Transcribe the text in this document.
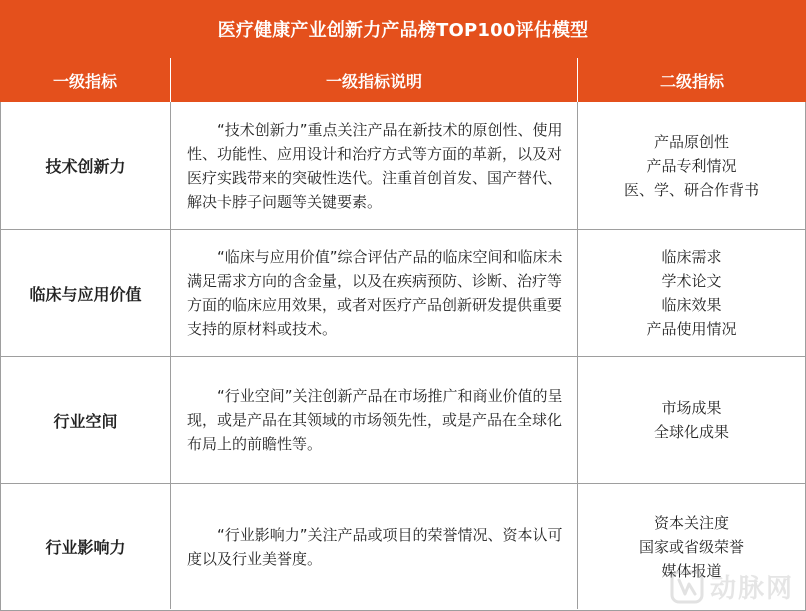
医疗健康产业创新力产品榜TOP100评估模型
一级指标	一级指标说明	二级指标
技术创新力
“技术创新力”重点关注产品在新技术的原创性、使用性、功能性、应用设计和治疗方式等方面的革新，以及对医疗实践带来的突破性迭代。注重首创首发、国产替代、解决卡脖子问题等关键要素。
产品原创性
产品专利情况
医、学、研合作背书
临床与应用价值
“临床与应用价值”综合评估产品的临床空间和临床未满足需求方向的含金量，以及在疾病预防、诊断、治疗等方面的临床应用效果，或者对医疗产品创新研发提供重要支持的原材料或技术。
临床需求
学术论文
临床效果
产品使用情况
行业空间
“行业空间”关注创新产品在市场推广和商业价值的呈现，或是产品在其领域的市场领先性，或是产品在全球化布局上的前瞻性等。
市场成果
全球化成果
行业影响力
“行业影响力”关注产品或项目的荣誉情况、资本认可度以及行业美誉度。
资本关注度
国家或省级荣誉
媒体报道
动脉网
